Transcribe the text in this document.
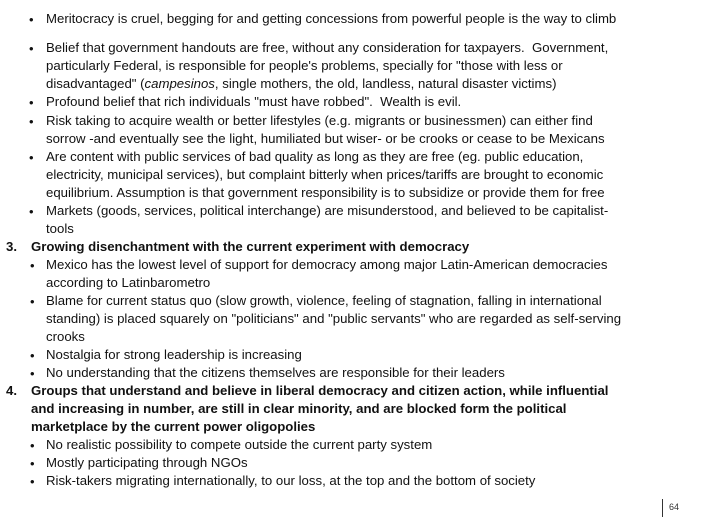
• Meritocracy is cruel, begging for and getting concessions from powerful people is the way to climb
• Belief that government handouts are free, without any consideration for taxpayers.  Government,
particularly Federal, is responsible for people's problems, specially for "those with less or
disadvantaged" (campesinos, single mothers, the old, landless, natural disaster victims)
• Profound belief that rich individuals "must have robbed".  Wealth is evil.
• Risk taking to acquire wealth or better lifestyles (e.g. migrants or businessmen) can either find
sorrow -and eventually see the light, humiliated but wiser- or be crooks or cease to be Mexicans
• Are content with public services of bad quality as long as they are free (eg. public education,
electricity, municipal services), but complaint bitterly when prices/tariffs are brought to economic
equilibrium. Assumption is that government responsibility is to subsidize or provide them for free
• Markets (goods, services, political interchange) are misunderstood, and believed to be capitalist-
tools
3. Growing disenchantment with the current experiment with democracy
• Mexico has the lowest level of support for democracy among major Latin-American democracies
according to Latinbarometro
• Blame for current status quo (slow growth, violence, feeling of stagnation, falling in international
standing) is placed squarely on "politicians" and "public servants" who are regarded as self-serving
crooks
• Nostalgia for strong leadership is increasing
• No understanding that the citizens themselves are responsible for their leaders
4. Groups that understand and believe in liberal democracy and citizen action, while influential
and increasing in number, are still in clear minority, and are blocked form the political
marketplace by the current power oligopolies
• No realistic possibility to compete outside the current party system
• Mostly participating through NGOs
• Risk-takers migrating internationally, to our loss, at the top and the bottom of society
64
